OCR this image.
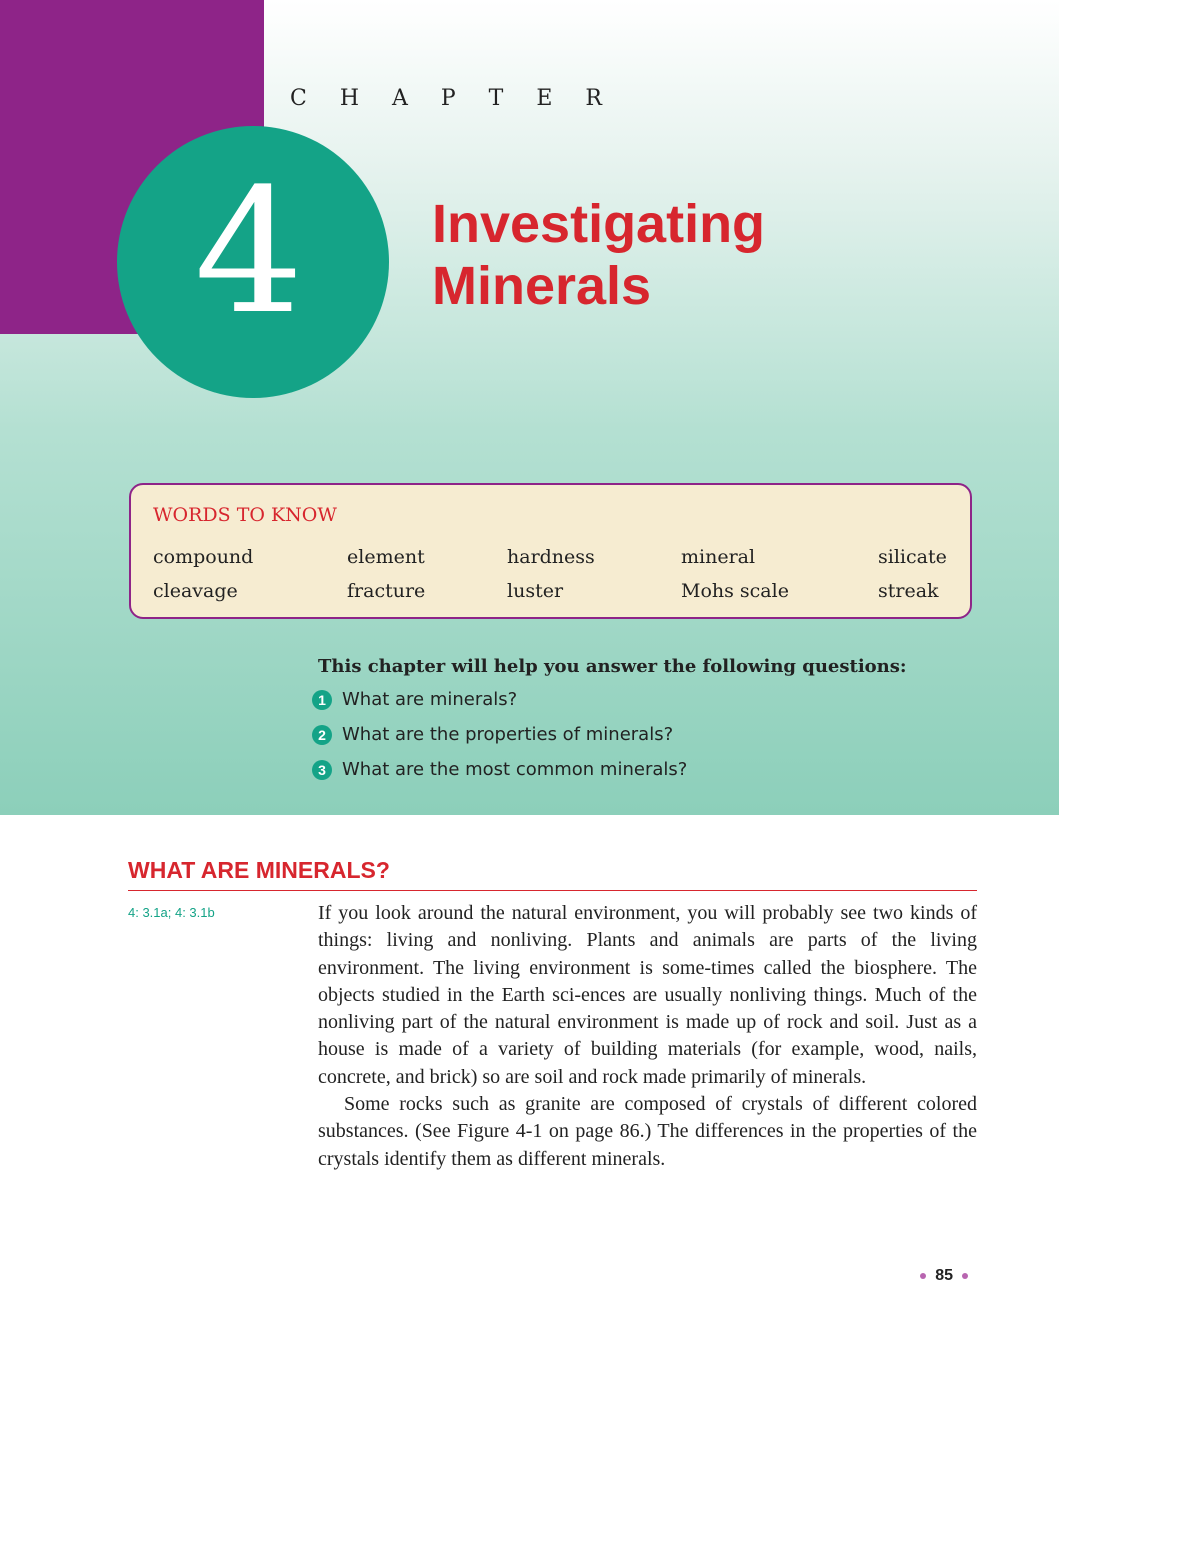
C H A P T E R
4	Investigating
Minerals
WORDS TO KNOW
compound	element	hardness	mineral	silicate
cleavage	fracture	luster	Mohs scale	streak
This chapter will help you answer the following questions:
1 What are minerals?
2 What are the properties of minerals?
3 What are the most common minerals?
WHAT ARE MINERALS?
4: 3.1a; 4: 3.1b	If you look around the natural environment, you will probably see two kinds of things: living and nonliving. Plants and animals are parts of the living environment. The living environment is some-times called the biosphere. The objects studied in the Earth sci-ences are usually nonliving things. Much of the nonliving part of the natural environment is made up of rock and soil. Just as a house is made of a variety of building materials (for example, wood, nails, concrete, and brick) so are soil and rock made primarily of minerals.

Some rocks such as granite are composed of crystals of different colored substances. (See Figure 4-1 on page 86.) The differences in the properties of the crystals identify them as different minerals.

85
